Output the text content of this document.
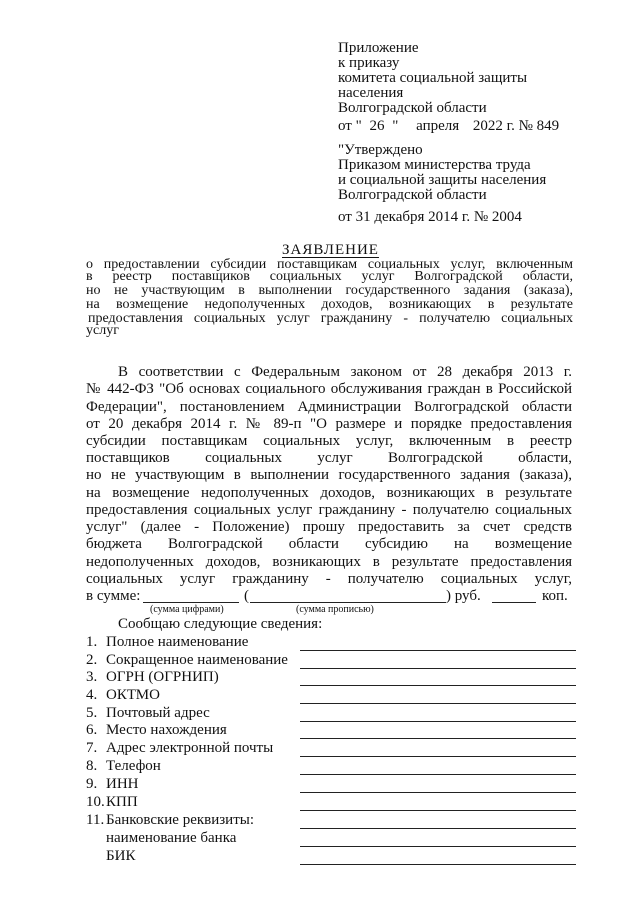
Приложение
к приказу
комитета социальной защиты
населения
Волгоградской области
от " 26 " апреля 2022 г. № 849
"Утверждено
Приказом министерства труда
и социальной защиты населения
Волгоградской области
от 31 декабря 2014 г. № 2004
ЗАЯВЛЕНИЕ
о предоставлении субсидии поставщикам социальных услуг, включенным
в реестр поставщиков социальных услуг Волгоградской области,
но не участвующим в выполнении государственного задания (заказа),
на возмещение недополученных доходов, возникающих в результате
предоставления социальных услуг гражданину - получателю социальных
услуг
В соответствии с Федеральным законом от 28 декабря 2013 г.
№ 442-ФЗ "Об основах социального обслуживания граждан в Российской
Федерации", постановлением Администрации Волгоградской области
от 20 декабря 2014 г. № 89-п "О размере и порядке предоставления
субсидии поставщикам социальных услуг, включенным в реестр
поставщиков социальных услуг Волгоградской области,
но не участвующим в выполнении государственного задания (заказа),
на возмещение недополученных доходов, возникающих в результате
предоставления социальных услуг гражданину - получателю социальных
услуг" (далее - Положение) прошу предоставить за счет средств
бюджета Волгоградской области субсидию на возмещение
недополученных доходов, возникающих в результате предоставления
социальных услуг гражданину - получателю социальных услуг,
в сумме:	(	) руб.	коп.
(сумма цифрами)	(сумма прописью)
Сообщаю следующие сведения:
1. Полное наименование
2. Сокращенное наименование
3. ОГРН (ОГРНИП)
4. ОКТМО
5. Почтовый адрес
6. Место нахождения
7. Адрес электронной почты
8. Телефон
9. ИНН
10. КПП
11. Банковские реквизиты:
наименование банка
БИК
